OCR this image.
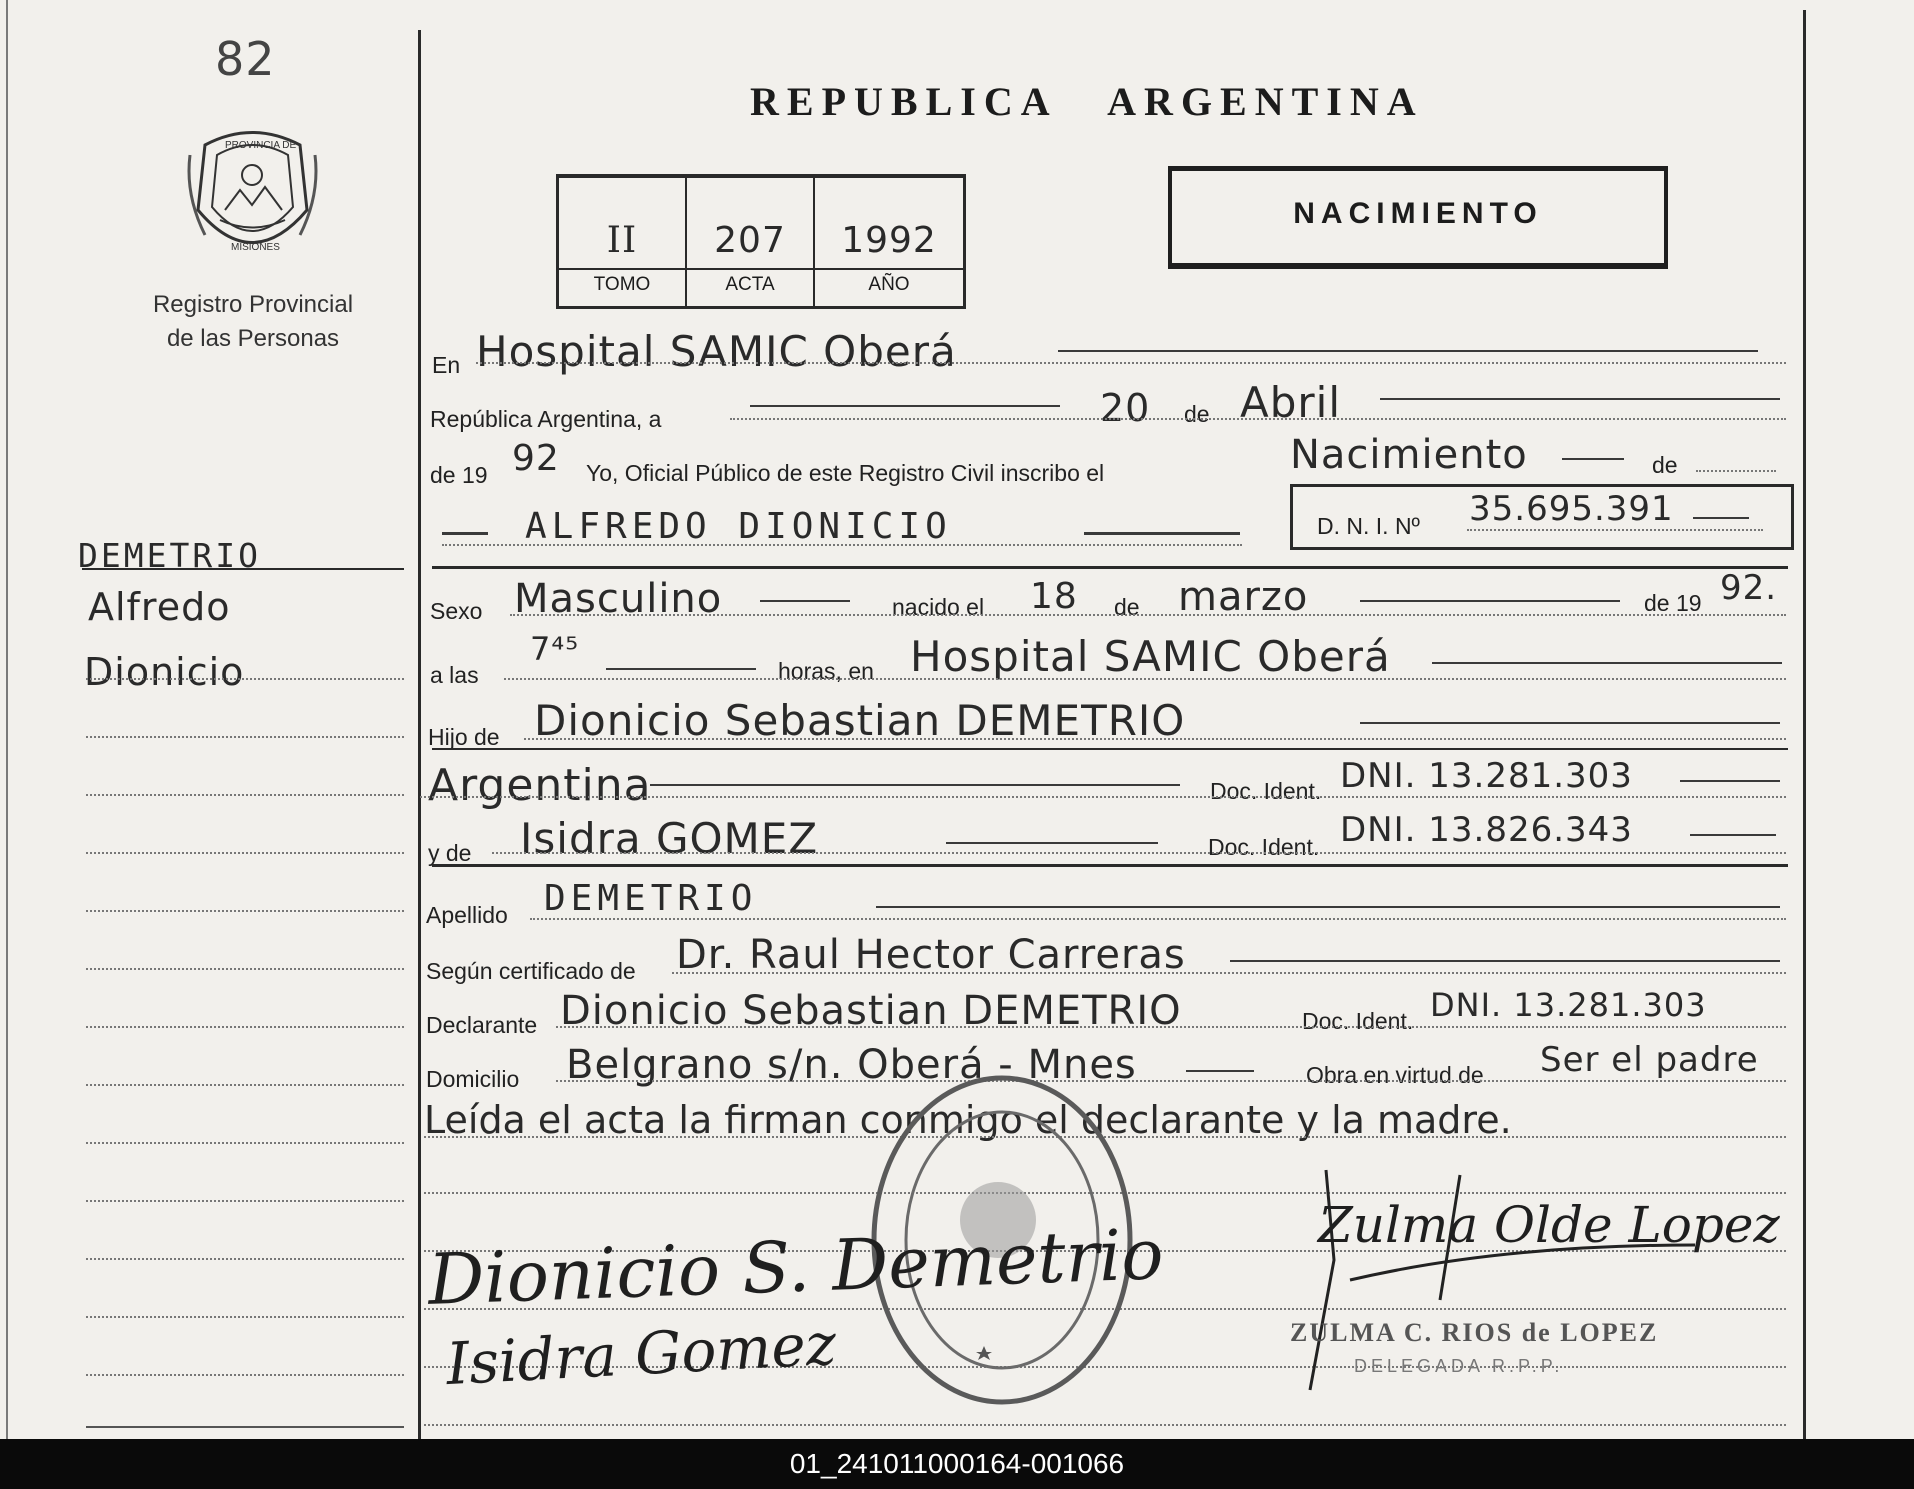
82
PROVINCIA DE
MISIONES
Registro Provincial
de las Personas
REPUBLICA   ARGENTINA
II	207	1992
TOMO	ACTA	AÑO
NACIMIENTO
DEMETRIO
Alfredo
Dionicio
En Hospital SAMIC Oberá
República Argentina, a	20 de Abril
de 19 92 Yo, Oficial Público de este Registro Civil inscribo el	Nacimiento	de
ALFREDO DIONICIO	D. N. I. Nº 35.695.391
Sexo Masculino	nacido el 18 de marzo	de 19 92.
a las
7⁴⁵
horas, en Hospital SAMIC Oberá
Hijo de Dionicio Sebastian DEMETRIO
Argentina	Doc. Ident. DNI. 13.281.303
y de Isidra GOMEZ	Doc. Ident. DNI. 13.826.343
Apellido DEMETRIO
Según certificado de Dr. Raul Hector Carreras
Declarante Dionicio Sebastian DEMETRIO	Doc. Ident. DNI. 13.281.303
Domicilio Belgrano s/n. Oberá - Mnes	Obra en virtud de Ser el padre
Leída el acta la firman conmigo el declarante y la madre.
Dionicio S. Demetrio
Isidra Gomez
Zulma Olde Lopez
ZULMA C. RIOS de LOPEZ
DELEGADA R.P.P.
01_241011000164-001066
